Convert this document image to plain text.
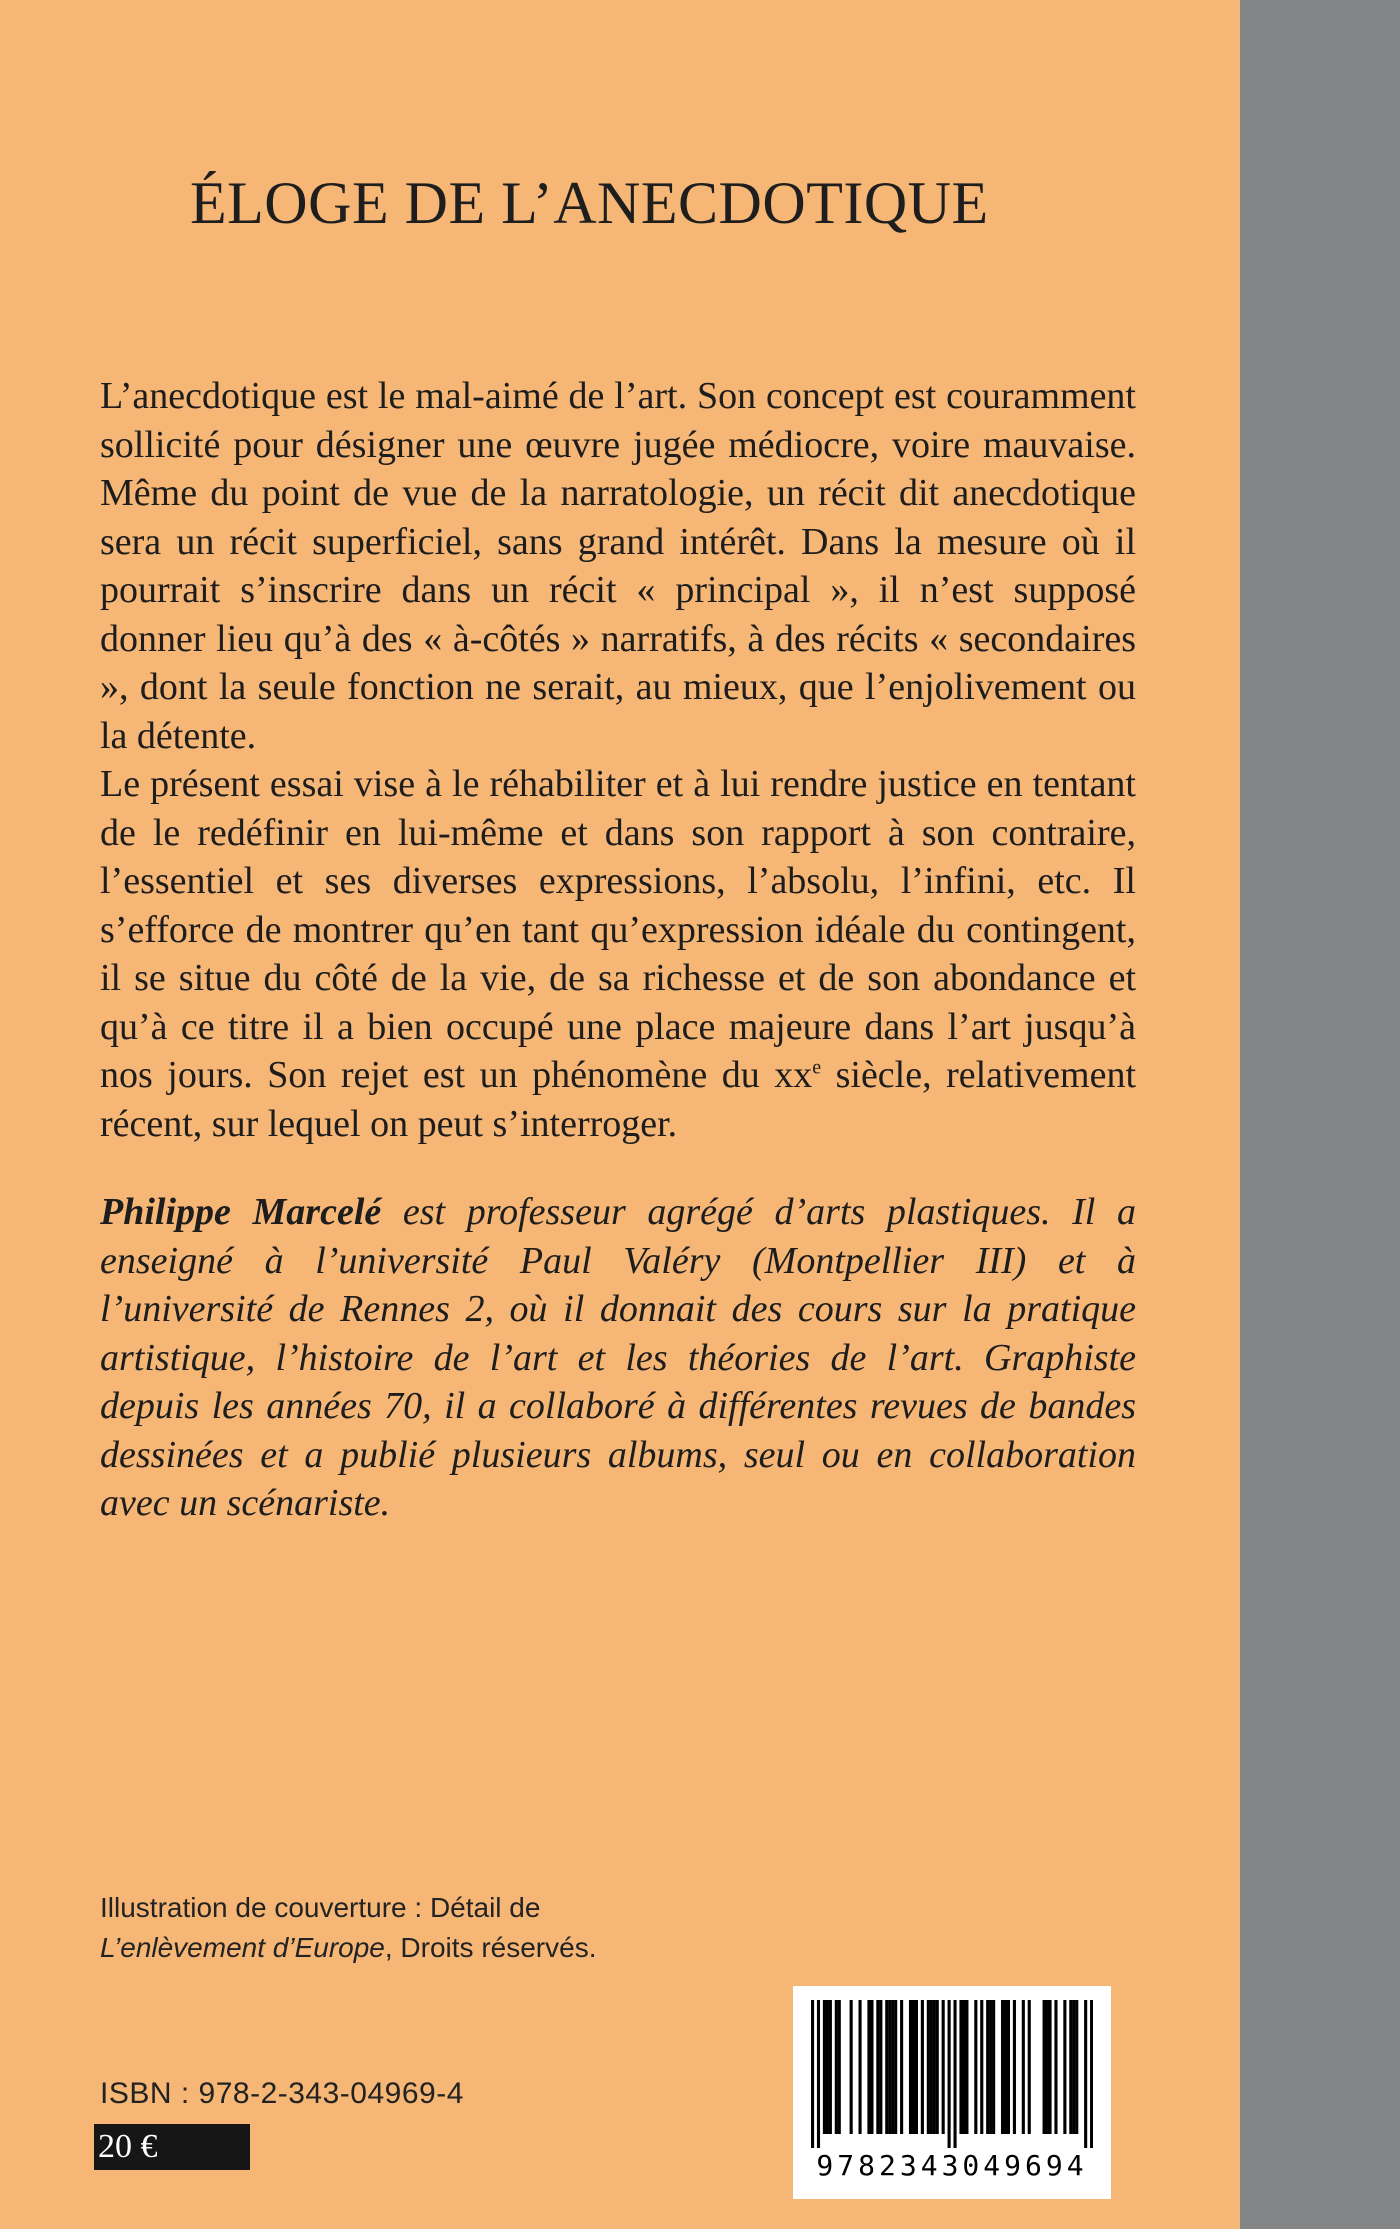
ÉLOGE DE L’ANECDOTIQUE

L’anecdotique est le mal-aimé de l’art. Son concept est couramment sollicité pour désigner une œuvre jugée médiocre, voire mauvaise. Même du point de vue de la narratologie, un récit dit anecdotique sera un récit superficiel, sans grand intérêt. Dans la mesure où il pourrait s’inscrire dans un récit « principal », il n’est supposé donner lieu qu’à des « à-côtés » narratifs, à des récits « secondaires », dont la seule fonction ne serait, au mieux, que l’enjolivement ou la détente.

Le présent essai vise à le réhabiliter et à lui rendre justice en tentant de le redéfinir en lui-même et dans son rapport à son contraire, l’essentiel et ses diverses expressions, l’absolu, l’infini, etc. Il s’efforce de montrer qu’en tant qu’expression idéale du contingent, il se situe du côté de la vie, de sa richesse et de son abondance et qu’à ce titre il a bien occupé une place majeure dans l’art jusqu’à nos jours. Son rejet est un phénomène du $xx^e$ siècle, relativement récent, sur lequel on peut s’interroger.

Philippe Marcelé est professeur agrégé d’arts plastiques. Il a enseigné à l’université Paul Valéry (Montpellier III) et à l’université de Rennes 2, où il donnait des cours sur la pratique artistique, l’histoire de l’art et les théories de l’art. Graphiste depuis les années 70, il a collaboré à différentes revues de bandes dessinées et a publié plusieurs albums, seul ou en collaboration avec un scénariste.

Illustration de couverture : Détail de
L’enlèvement d’Europe, Droits réservés.
ISBN : 978-2-343-04969-4
20 €
9782343049694
